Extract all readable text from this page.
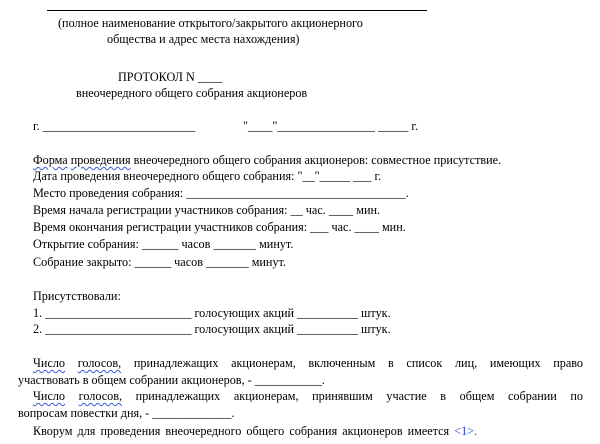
(полное наименование открытого/закрытого акционерного
общества и адрес места нахождения)
ПРОТОКОЛ N ____
внеочередного общего собрания акционеров
г. _________________________	"____"________________ _____ г.
Форма проведения внеочередного общего собрания акционеров: совместное присутствие.
Дата проведения внеочередного общего собрания: "__"_____ ___ г.
Место проведения собрания: ____________________________________.
Время начала регистрации участников собрания: __ час. ____ мин.
Время окончания регистрации участников собрания: ___ час. ____ мин.
Открытие собрания: ______ часов _______ минут.
Собрание закрыто: ______ часов _______ минут.
Присутствовали:
1. ________________________ голосующих акций __________ штук.
2. ________________________ голосующих акций __________ штук.
Число голосов, принадлежащих акционерам, включенным в список лиц, имеющих право
участвовать в общем собрании акционеров, - ___________.
Число голосов, принадлежащих акционерам, принявшим участие в общем собрании по
вопросам повестки дня, - _____________.
Кворум для проведения внеочередного общего собрания акционеров имеется <1>.
